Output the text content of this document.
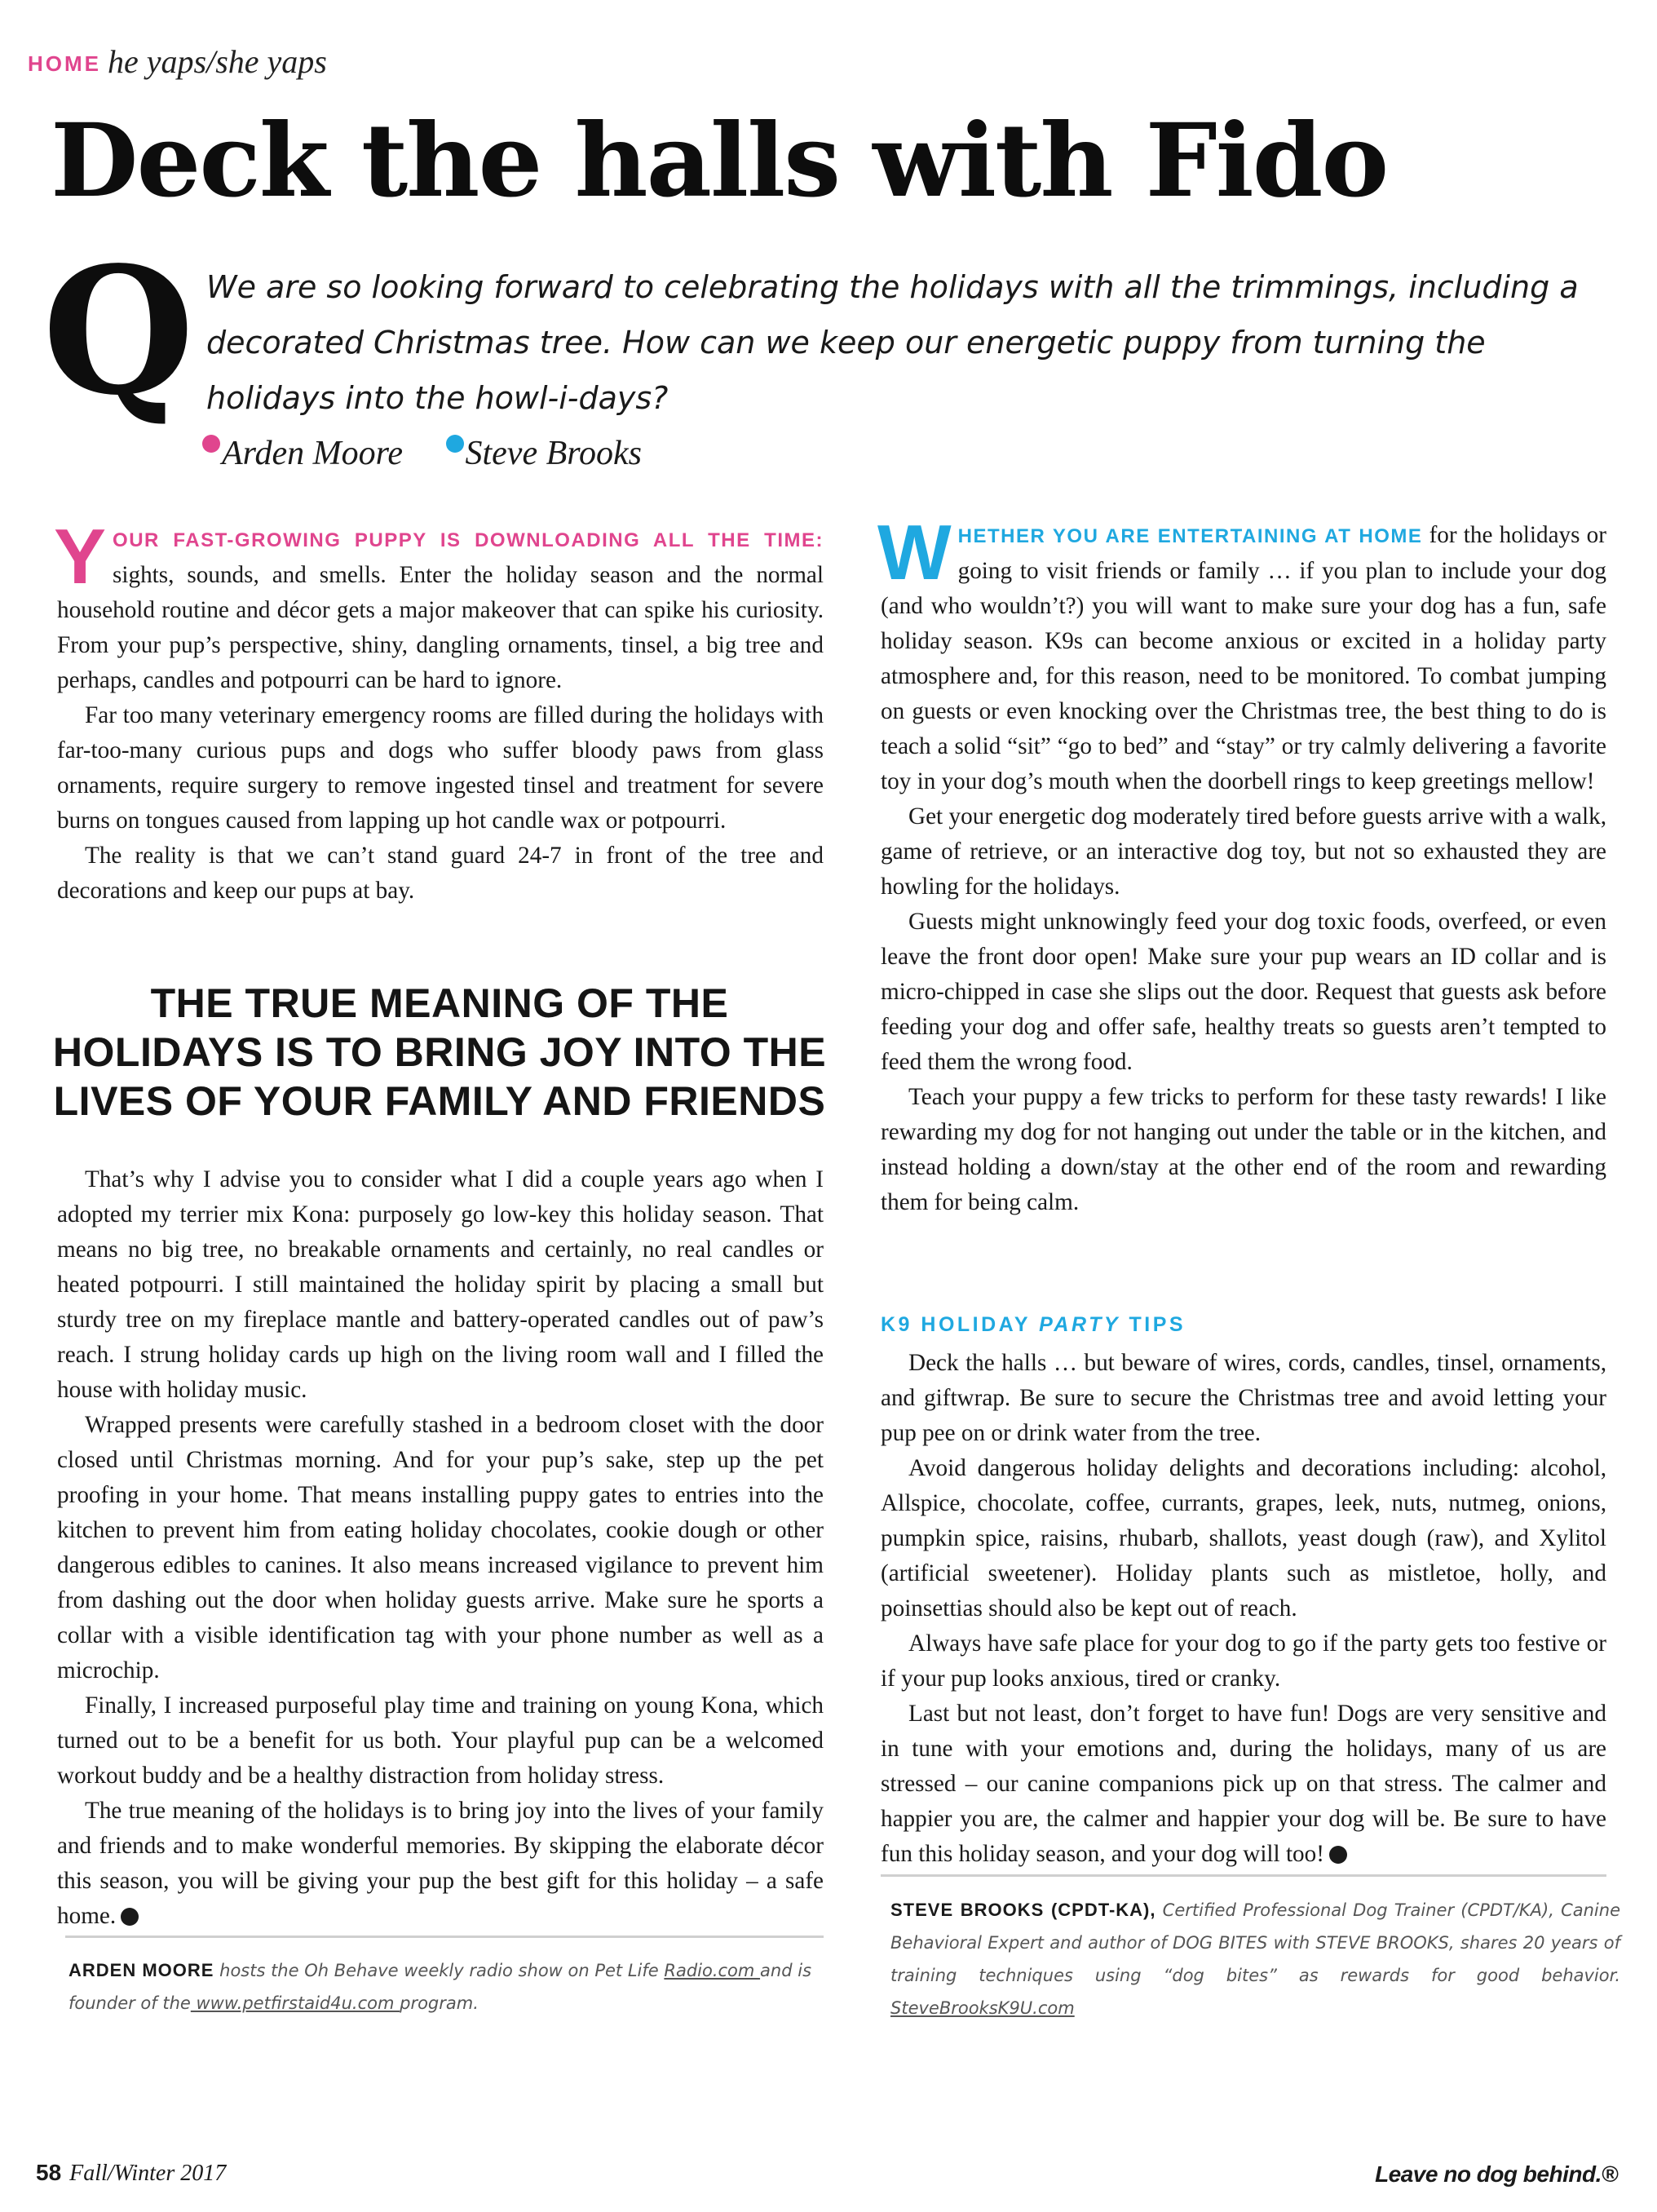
HOME he yaps/she yaps
Deck the halls with Fido
Q We are so looking forward to celebrating the holidays with all the trimmings, including a decorated Christmas tree. How can we keep our energetic puppy from turning the holidays into the howl-i-days?
Arden Moore Steve Brooks

YOUR FAST-GROWING PUPPY IS DOWNLOADING ALL THE TIME: sights, sounds, and smells. Enter the holiday season and the normal household routine and décor gets a major makeover that can spike his curiosity. From your pup’s perspective, shiny, dangling ornaments, tinsel, a big tree and perhaps, candles and potpourri can be hard to ignore.

Far too many veterinary emergency rooms are filled during the holidays with far-too-many curious pups and dogs who suffer bloody paws from glass ornaments, require surgery to remove ingested tinsel and treatment for severe burns on tongues caused from lapping up hot candle wax or potpourri.

The reality is that we can’t stand guard 24-7 in front of the tree and decorations and keep our pups at bay.

THE TRUE MEANING OF THE HOLIDAYS IS TO BRING JOY INTO THE LIVES OF YOUR FAMILY AND FRIENDS

That’s why I advise you to consider what I did a couple years ago when I adopted my terrier mix Kona: purposely go low-key this holiday season. That means no big tree, no breakable ornaments and certainly, no real candles or heated potpourri. I still maintained the holiday spirit by placing a small but sturdy tree on my fireplace mantle and battery-operated candles out of paw’s reach. I strung holiday cards up high on the living room wall and I filled the house with holiday music.

Wrapped presents were carefully stashed in a bedroom closet with the door closed until Christmas morning. And for your pup’s sake, step up the pet proofing in your home. That means installing puppy gates to entries into the kitchen to prevent him from eating holiday chocolates, cookie dough or other dangerous edibles to canines. It also means increased vigilance to prevent him from dashing out the door when holiday guests arrive. Make sure he sports a collar with a visible identification tag with your phone number as well as a microchip.

Finally, I increased purposeful play time and training on young Kona, which turned out to be a benefit for us both. Your playful pup can be a welcomed workout buddy and be a healthy distraction from holiday stress.

The true meaning of the holidays is to bring joy into the lives of your family and friends and to make wonderful memories. By skipping the elaborate décor this season, you will be giving your pup the best gift for this holiday – a safe home.	✱

WHETHER YOU ARE ENTERTAINING AT HOME for the holidays or going to visit friends or family … if you plan to include your dog (and who wouldn’t?) you will want to make sure your dog has a fun, safe holiday season. K9s can become anxious or excited in a holiday party atmosphere and, for this reason, need to be monitored. To combat jumping on guests or even knocking over the Christmas tree, the best thing to do is teach a solid “sit” “go to bed” and “stay” or try calmly delivering a favorite toy in your dog’s mouth when the doorbell rings to keep greetings mellow!

Get your energetic dog moderately tired before guests arrive with a walk, game of retrieve, or an interactive dog toy, but not so exhausted they are howling for the holidays.

Guests might unknowingly feed your dog toxic foods, overfeed, or even leave the front door open! Make sure your pup wears an ID collar and is micro-chipped in case she slips out the door. Request that guests ask before feeding your dog and offer safe, healthy treats so guests aren’t tempted to feed them the wrong food.

Teach your puppy a few tricks to perform for these tasty rewards! I like rewarding my dog for not hanging out under the table or in the kitchen, and instead holding a down/stay at the other end of the room and rewarding them for being calm.

K9 HOLIDAY PARTY TIPS

Deck the halls … but beware of wires, cords, candles, tinsel, ornaments, and giftwrap. Be sure to secure the Christmas tree and avoid letting your pup pee on or drink water from the tree.

Avoid dangerous holiday delights and decorations including: alcohol, Allspice, chocolate, coffee, currants, grapes, leek, nuts, nutmeg, onions, pumpkin spice, raisins, rhubarb, shallots, yeast dough (raw), and Xylitol (artificial sweetener). Holiday plants such as mistletoe, holly, and poinsettias should also be kept out of reach.

Always have safe place for your dog to go if the party gets too festive or if your pup looks anxious, tired or cranky.

Last but not least, don’t forget to have fun! Dogs are very sensitive and in tune with your emotions and, during the holidays, many of us are stressed – our canine companions pick up on that stress. The calmer and happier you are, the calmer and happier your dog will be. Be sure to have fun this holiday season, and your dog will too!	✱

ARDEN MOORE hosts the Oh Behave weekly radio show on Pet Life Radio.com and is founder of the www.petfirstaid4u.com program.
STEVE BROOKS (CPDT-KA), Certified Professional Dog Trainer (CPDT/KA), Canine Behavioral Expert and author of DOG BITES with STEVE BROOKS, shares 20 years of training techniques using “dog bites” as rewards for good behavior. SteveBrooksK9U.com
58 Fall/Winter 2017	Leave no dog behind.®
